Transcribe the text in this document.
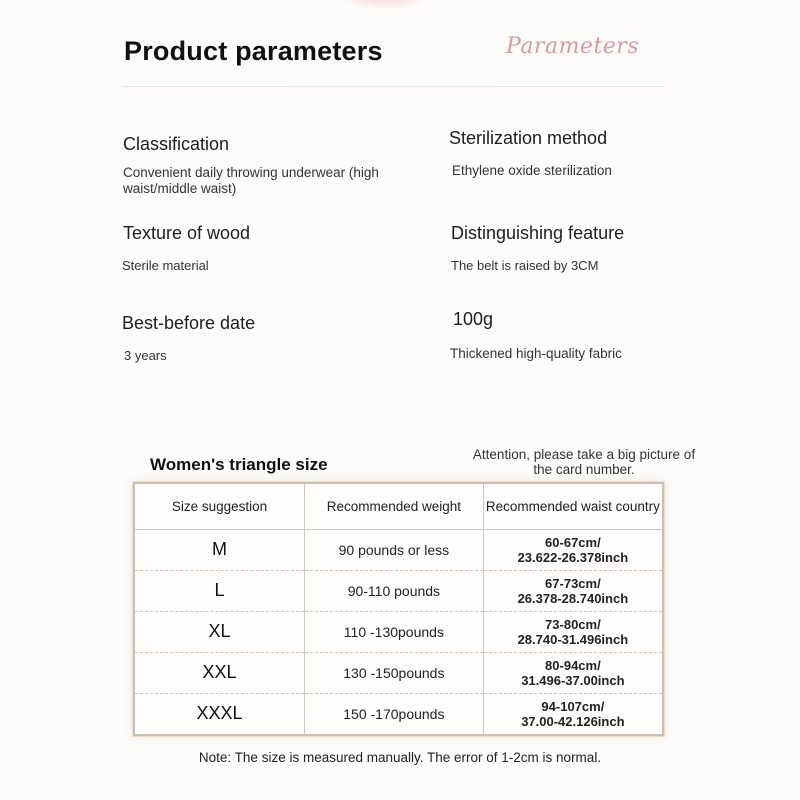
Product parameters	Parameters
Classification
Convenient daily throwing underwear (high waist/middle waist)
Sterilization method
Ethylene oxide sterilization
Texture of wood
Sterile material
Distinguishing feature
The belt is raised by 3CM
Best-before date
3 years
100g
Thickened high-quality fabric
Women's triangle size
Attention, please take a big picture of the card number.
Size suggestion	Recommended weight	Recommended waist country
M	90 pounds or less	60-67cm/
23.622-26.378inch

L	90-110 pounds	67-73cm/
26.378-28.740inch

XL	110 -130pounds	73-80cm/
28.740-31.496inch

XXL	130 -150pounds	80-94cm/
31.496-37.00inch

XXXL	150 -170pounds	94-107cm/
37.00-42.126inch
Note: The size is measured manually. The error of 1-2cm is normal.
